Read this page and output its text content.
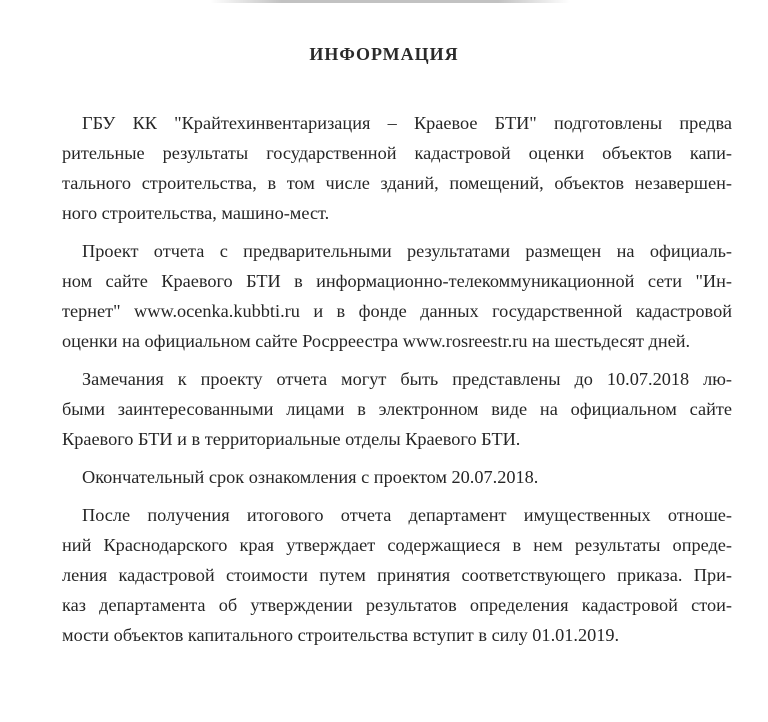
ИНФОРМАЦИЯ
ГБУ КК "Крайтехинвентаризация – Краевое БТИ" подготовлены предва
рительные результаты государственной кадастровой оценки объектов капи-
тального строительства, в том числе зданий, помещений, объектов незавершен-
ного строительства, машино-мест.
Проект отчета с предварительными результатами размещен на официаль-
ном сайте Краевого БТИ в информационно-телекоммуникационной сети "Ин-
тернет" www.ocenka.kubbti.ru и в фонде данных государственной кадастровой
оценки на официальном сайте Росрреестра www.rosreestr.ru на шестьдесят дней.
Замечания к проекту отчета могут быть представлены до 10.07.2018 лю-
быми заинтересованными лицами в электронном виде на официальном сайте
Краевого БТИ и в территориальные отделы Краевого БТИ.
Окончательный срок ознакомления с проектом 20.07.2018.
После получения итогового отчета департамент имущественных отноше-
ний Краснодарского края утверждает содержащиеся в нем результаты опреде-
ления кадастровой стоимости путем принятия соответствующего приказа. При-
каз департамента об утверждении результатов определения кадастровой стои-
мости объектов капитального строительства вступит в силу 01.01.2019.
